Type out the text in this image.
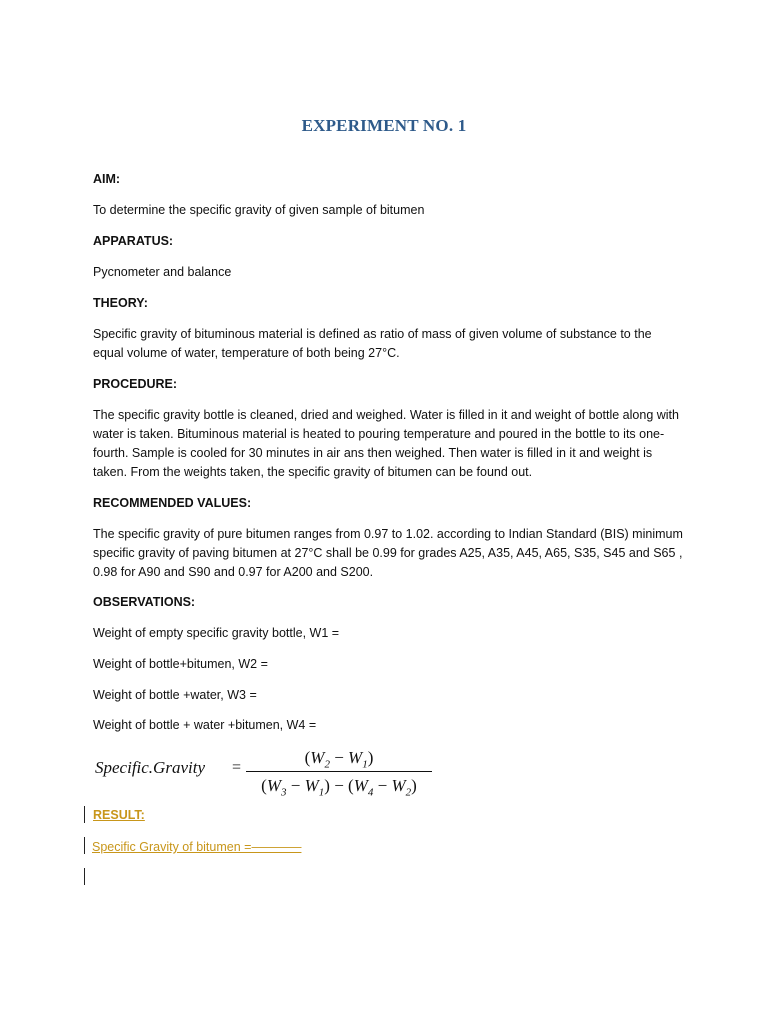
EXPERIMENT NO. 1
AIM:
To determine the specific gravity of given sample of bitumen
APPARATUS:
Pycnometer and balance
THEORY:
Specific gravity of bituminous material is defined as ratio of mass of given volume of substance to the equal volume of water, temperature of both being 27°C.
PROCEDURE:
The specific gravity bottle is cleaned, dried and weighed. Water is filled in it and weight of bottle along with water is taken. Bituminous material is heated to pouring temperature and poured in the bottle to its one-fourth. Sample is cooled for 30 minutes in air ans then weighed. Then water is filled in it and weight is taken. From the weights taken, the specific gravity of bitumen can be found out.
RECOMMENDED VALUES:
The specific gravity of pure bitumen ranges from 0.97 to 1.02. according to Indian Standard (BIS) minimum specific gravity of paving bitumen at 27°C shall be 0.99 for grades A25, A35, A45, A65, S35, S45 and S65 , 0.98 for A90 and S90 and 0.97 for A200 and S200.
OBSERVATIONS:
Weight of empty specific gravity bottle, W1 =
Weight of bottle+bitumen, W2 =
Weight of bottle +water, W3 =
Weight of bottle + water +bitumen, W4 =
Specific.Gravity =
$(W_2 - W_1)$
$(W_3 - W_1) - (W_4 - W_2)$
RESULT:
Specific Gravity of bitumen =————
